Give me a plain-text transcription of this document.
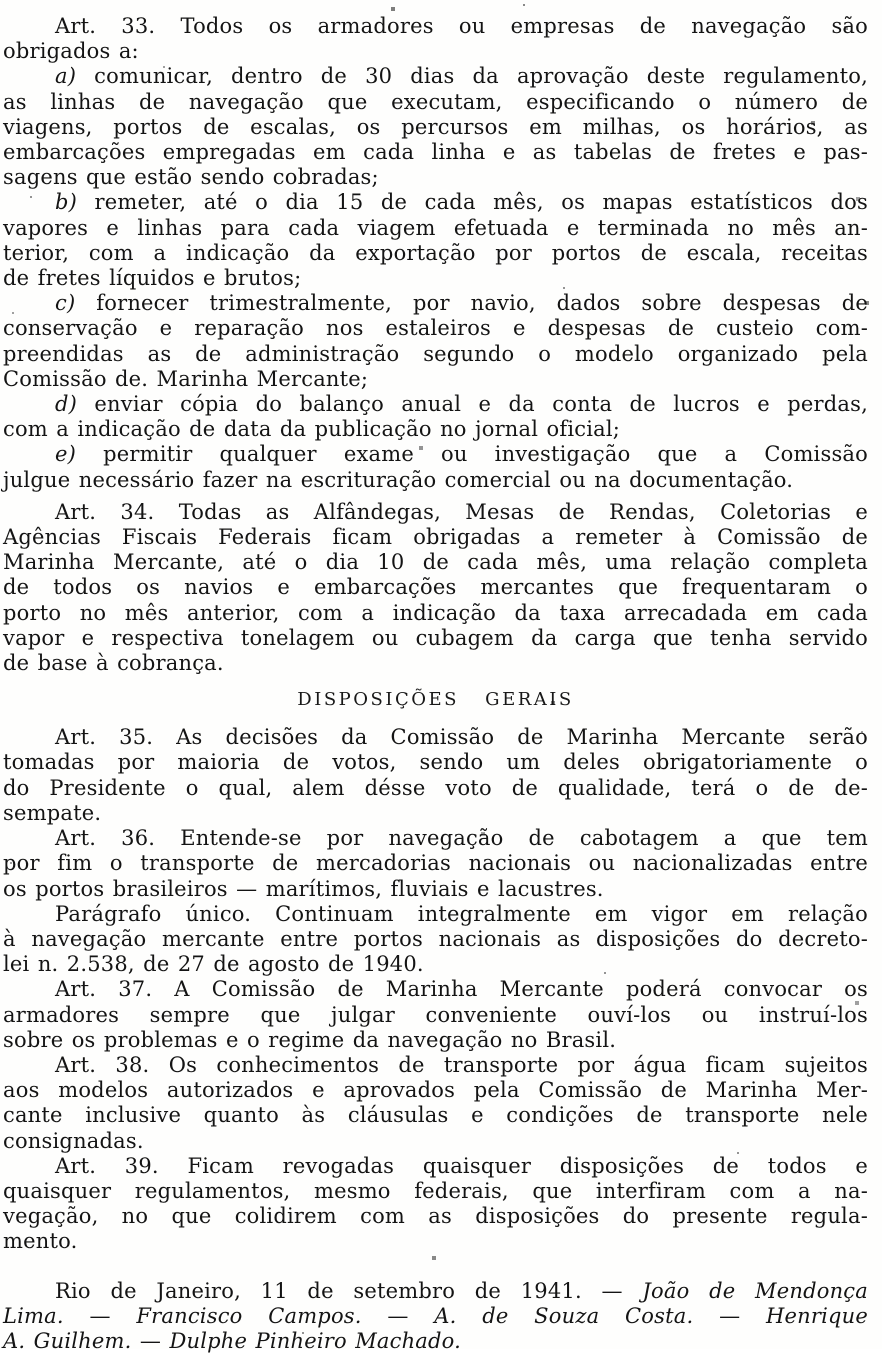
Art. 33. Todos os armadores ou empresas de navegação são
obrigados a:
a) comunicar, dentro de 30 dias da aprovação deste regulamento,
as linhas de navegação que executam, especificando o número de
viagens, portos de escalas, os percursos em milhas, os horários, as
embarcações empregadas em cada linha e as tabelas de fretes e pas-
sagens que estão sendo cobradas;
b) remeter, até o dia 15 de cada mês, os mapas estatísticos dos
vapores e linhas para cada viagem efetuada e terminada no mês an-
terior, com a indicação da exportação por portos de escala, receitas
de fretes líquidos e brutos;
c) fornecer trimestralmente, por navio, dados sobre despesas de
conservação e reparação nos estaleiros e despesas de custeio com-
preendidas as de administração segundo o modelo organizado pela
Comissão de. Marinha Mercante;
d) enviar cópia do balanço anual e da conta de lucros e perdas,
com a indicação de data da publicação no jornal oficial;
e) permitir qualquer exame ou investigação que a Comissão
julgue necessário fazer na escrituração comercial ou na documentação.
Art. 34. Todas as Alfândegas, Mesas de Rendas, Coletorias e
Agências Fiscais Federais ficam obrigadas a remeter à Comissão de
Marinha Mercante, até o dia 10 de cada mês, uma relação completa
de todos os navios e embarcações mercantes que frequentaram o
porto no mês anterior, com a indicação da taxa arrecadada em cada
vapor e respectiva tonelagem ou cubagem da carga que tenha servido
de base à cobrança.
DISPOSIÇÕES GERAIS
Art. 35. As decisões da Comissão de Marinha Mercante serão
tomadas por maioria de votos, sendo um deles obrigatoriamente o
do Presidente o qual, alem désse voto de qualidade, terá o de de-
sempate.
Art. 36. Entende-se por navegação de cabotagem a que tem
por fim o transporte de mercadorias nacionais ou nacionalizadas entre
os portos brasileiros — marítimos, fluviais e lacustres.
Parágrafo único. Continuam integralmente em vigor em relação
à navegação mercante entre portos nacionais as disposições do decreto-
lei n. 2.538, de 27 de agosto de 1940.
Art. 37. A Comissão de Marinha Mercante poderá convocar os
armadores sempre que julgar conveniente ouví-los ou instruí-los
sobre os problemas e o regime da navegação no Brasil.
Art. 38. Os conhecimentos de transporte por água ficam sujeitos
aos modelos autorizados e aprovados pela Comissão de Marinha Mer-
cante inclusive quanto às cláusulas e condições de transporte nele
consignadas.
Art. 39. Ficam revogadas quaisquer disposições de todos e
quaisquer regulamentos, mesmo federais, que interfiram com a na-
vegação, no que colidirem com as disposições do presente regula-
mento.
Rio de Janeiro, 11 de setembro de 1941. — João de Mendonça
Lima. — Francisco Campos. — A. de Souza Costa. — Henrique
A. Guilhem. — Dulphe Pinheiro Machado.
